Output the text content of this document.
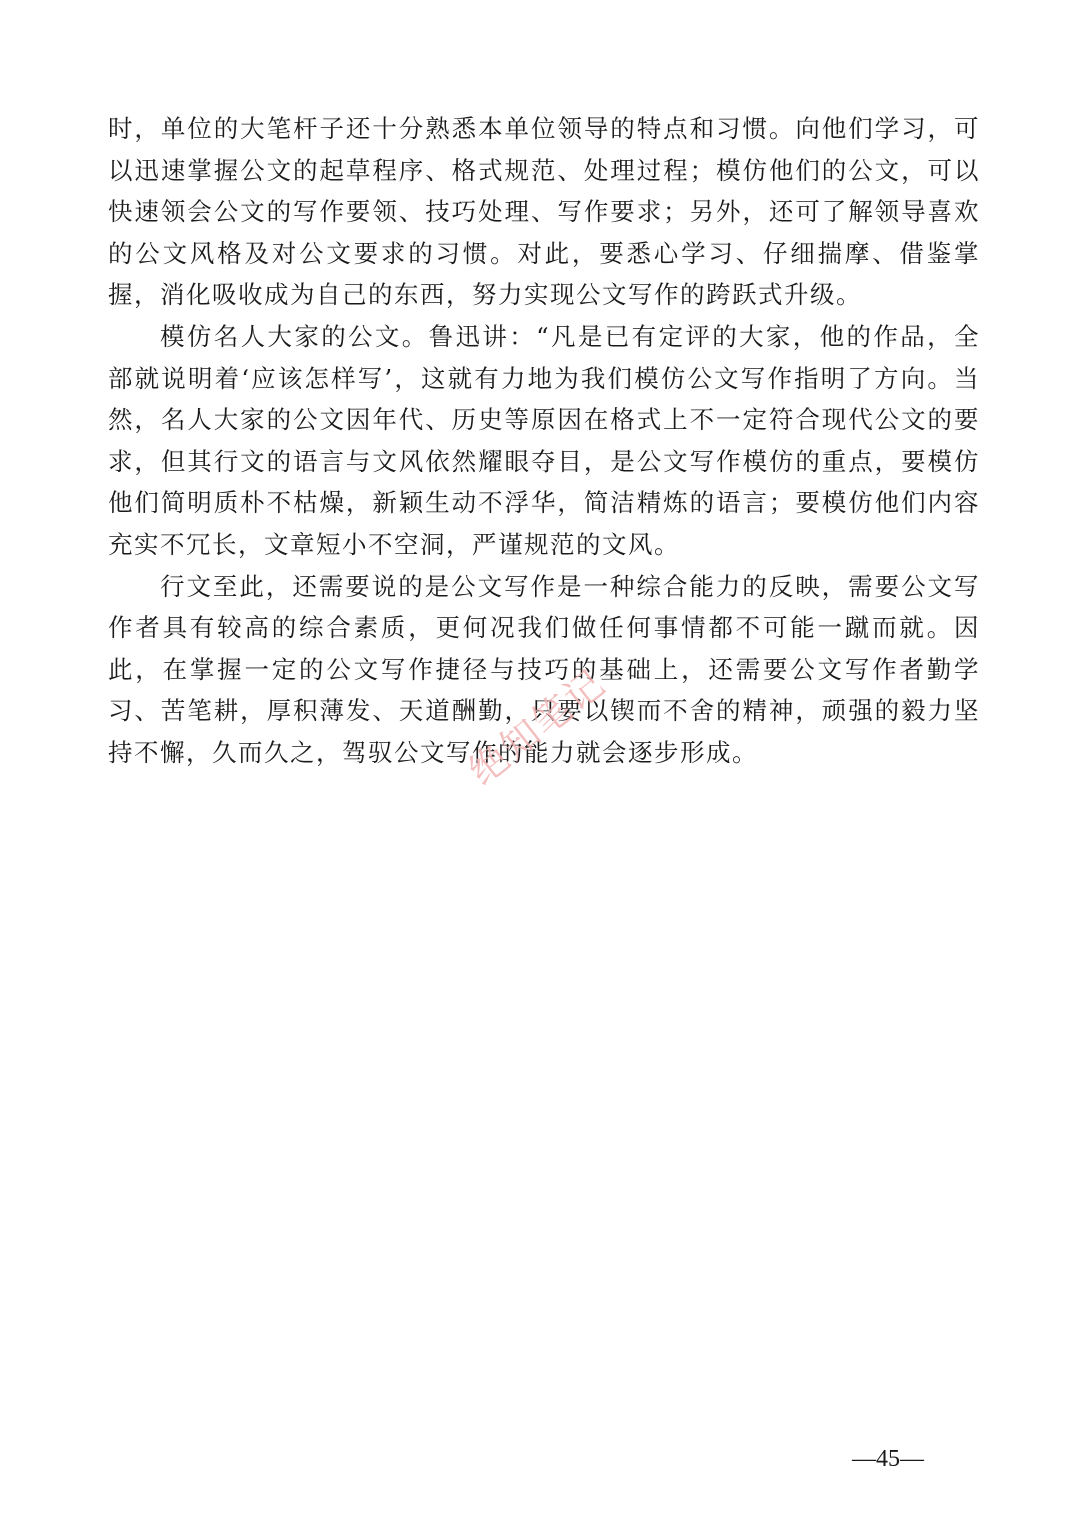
时，单位的大笔杆子还十分熟悉本单位领导的特点和习惯。向他们学习，可以迅速掌握公文的起草程序、格式规范、处理过程；模仿他们的公文，可以快速领会公文的写作要领、技巧处理、写作要求；另外，还可了解领导喜欢的公文风格及对公文要求的习惯。对此，要悉心学习、仔细揣摩、借鉴掌握，消化吸收成为自己的东西，努力实现公文写作的跨跃式升级。

模仿名人大家的公文。鲁迅讲：“凡是已有定评的大家，他的作品，全部就说明着‘应该怎样写’，这就有力地为我们模仿公文写作指明了方向。当然，名人大家的公文因年代、历史等原因在格式上不一定符合现代公文的要求，但其行文的语言与文风依然耀眼夺目，是公文写作模仿的重点，要模仿他们简明质朴不枯燥，新颖生动不浮华，简洁精炼的语言；要模仿他们内容充实不冗长，文章短小不空洞，严谨规范的文风。

行文至此，还需要说的是公文写作是一种综合能力的反映，需要公文写作者具有较高的综合素质，更何况我们做任何事情都不可能一蹴而就。因此，在掌握一定的公文写作捷径与技巧的基础上，还需要公文写作者勤学习、苦笔耕，厚积薄发、天道酬勤，只要以锲而不舍的精神，顽强的毅力坚持不懈，久而久之，驾驭公文写作的能力就会逐步形成。

绝知笔记
—45—
